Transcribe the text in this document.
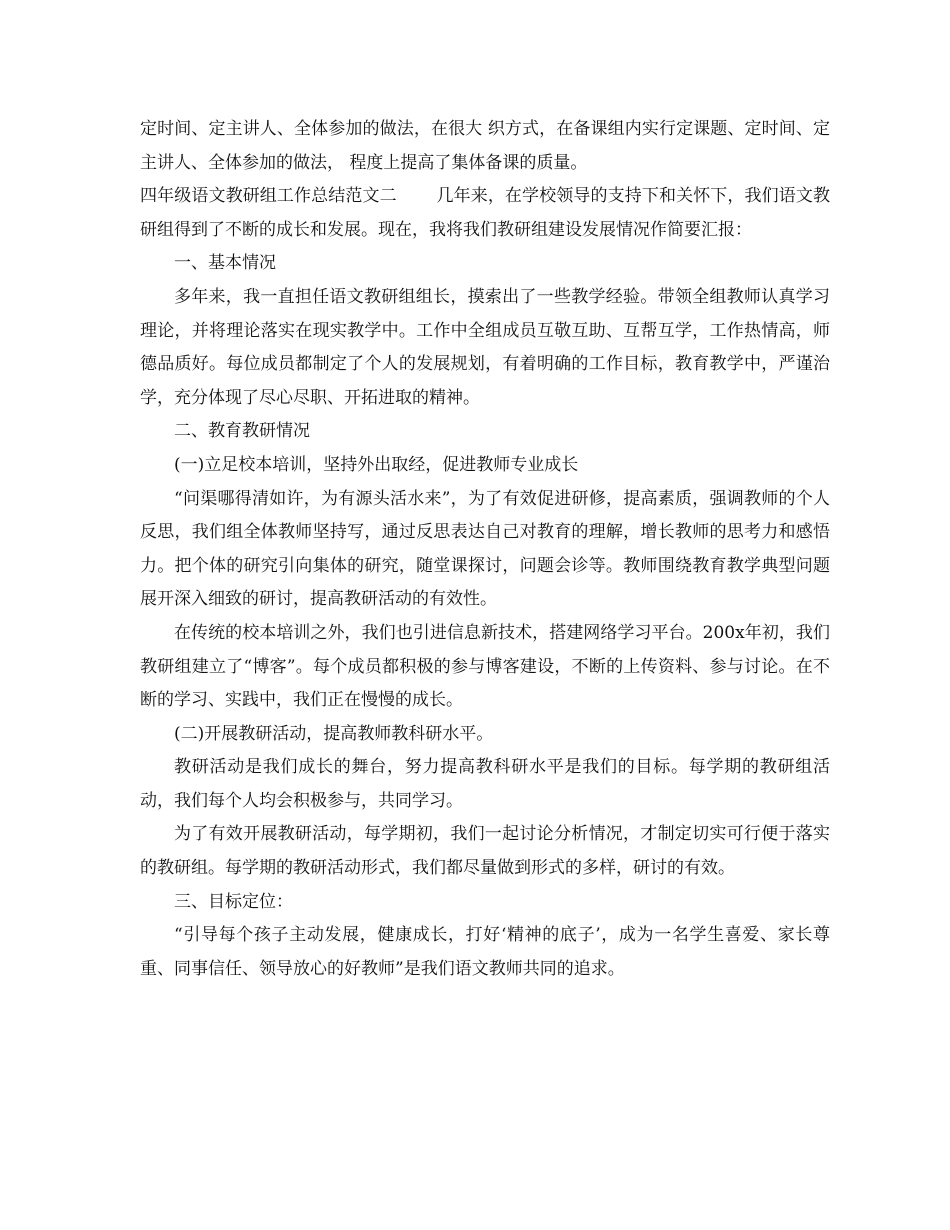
定时间、定主讲人、全体参加的做法，在很大 织方式，在备课组内实行定课题、定时间、定主讲人、全体参加的做法， 程度上提高了集体备课的质量。

四年级语文教研组工作总结范文二　　 几年来，在学校领导的支持下和关怀下，我们语文教研组得到了不断的成长和发展。现在，我将我们教研组建设发展情况作简要汇报：

一、基本情况

多年来，我一直担任语文教研组组长，摸索出了一些教学经验。带领全组教师认真学习理论，并将理论落实在现实教学中。工作中全组成员互敬互助、互帮互学，工作热情高，师德品质好。每位成员都制定了个人的发展规划，有着明确的工作目标，教育教学中，严谨治学，充分体现了尽心尽职、开拓进取的精神。

二、教育教研情况

(一)立足校本培训，坚持外出取经，促进教师专业成长

“问渠哪得清如许，为有源头活水来”，为了有效促进研修，提高素质，强调教师的个人反思，我们组全体教师坚持写，通过反思表达自己对教育的理解，增长教师的思考力和感悟力。把个体的研究引向集体的研究，随堂课探讨，问题会诊等。教师围绕教育教学典型问题展开深入细致的研讨，提高教研活动的有效性。

在传统的校本培训之外，我们也引进信息新技术，搭建网络学习平台。200x年初，我们教研组建立了“博客”。每个成员都积极的参与博客建设，不断的上传资料、参与讨论。在不断的学习、实践中，我们正在慢慢的成长。

(二)开展教研活动，提高教师教科研水平。

教研活动是我们成长的舞台，努力提高教科研水平是我们的目标。每学期的教研组活动，我们每个人均会积极参与，共同学习。

为了有效开展教研活动，每学期初，我们一起讨论分析情况，才制定切实可行便于落实的教研组。每学期的教研活动形式，我们都尽量做到形式的多样，研讨的有效。

三、目标定位：

“引导每个孩子主动发展，健康成长，打好‘精神的底子’，成为一名学生喜爱、家长尊重、同事信任、领导放心的好教师”是我们语文教师共同的追求。
